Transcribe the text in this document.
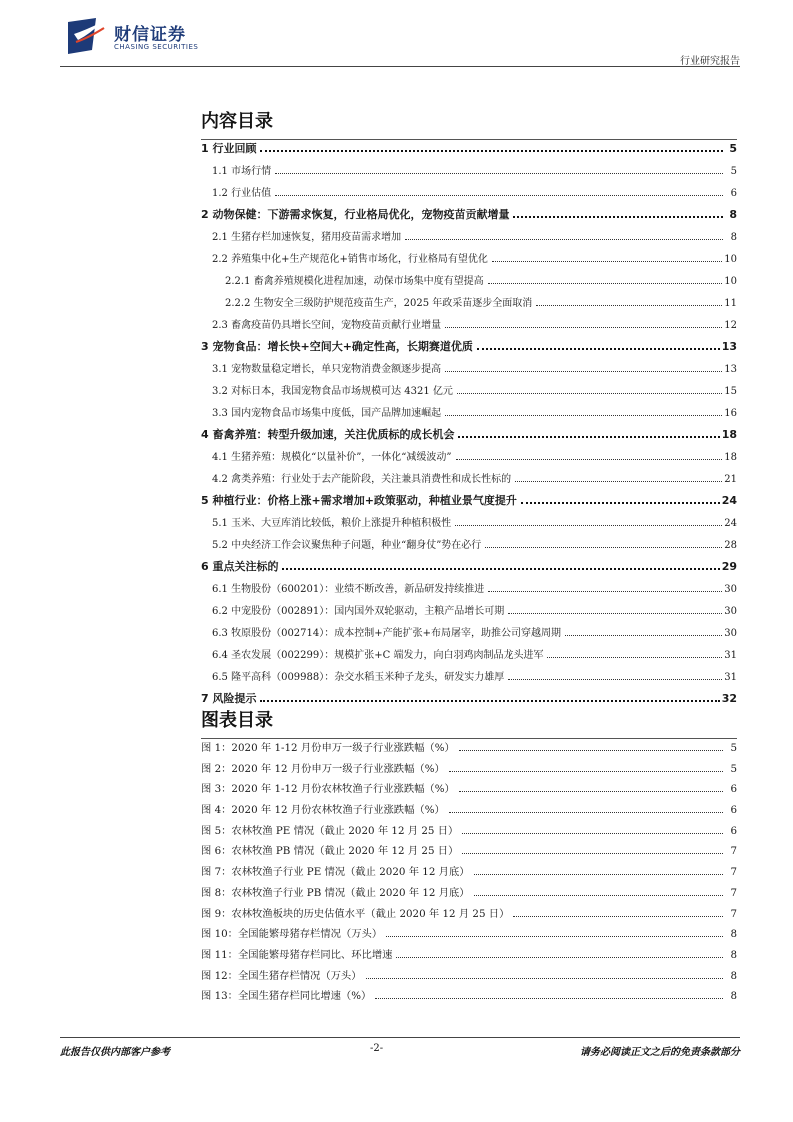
财信证券
CHASING SECURITIES
行业研究报告
内容目录
1 行业回顾	5
1.1 市场行情	5
1.2 行业估值	6
2 动物保健：下游需求恢复，行业格局优化，宠物疫苗贡献增量	8
2.1 生猪存栏加速恢复，猪用疫苗需求增加	8
2.2 养殖集中化+生产规范化+销售市场化，行业格局有望优化	10
2.2.1 畜禽养殖规模化进程加速，动保市场集中度有望提高	10
2.2.2 生物安全三级防护规范疫苗生产，2025 年政采苗逐步全面取消	11
2.3 畜禽疫苗仍具增长空间，宠物疫苗贡献行业增量	12
3 宠物食品：增长快+空间大+确定性高，长期赛道优质	13
3.1 宠物数量稳定增长，单只宠物消费金额逐步提高	13
3.2 对标日本，我国宠物食品市场规模可达 4321 亿元	15
3.3 国内宠物食品市场集中度低，国产品牌加速崛起	16
4 畜禽养殖：转型升级加速，关注优质标的成长机会	18
4.1 生猪养殖：规模化“以量补价”，一体化“减缓波动”	18
4.2 禽类养殖：行业处于去产能阶段，关注兼具消费性和成长性标的	21
5 种植行业：价格上涨+需求增加+政策驱动，种植业景气度提升	24
5.1 玉米、大豆库消比较低，粮价上涨提升种植积极性	24
5.2 中央经济工作会议聚焦种子问题，种业“翻身仗”势在必行	28
6 重点关注标的	29
6.1 生物股份（600201）：业绩不断改善，新品研发持续推进	30
6.2 中宠股份（002891）：国内国外双轮驱动，主粮产品增长可期	30
6.3 牧原股份（002714）：成本控制+产能扩张+布局屠宰，助推公司穿越周期	30
6.4 圣农发展（002299）：规模扩张+C 端发力，向白羽鸡肉制品龙头进军	31
6.5 隆平高科（009988）：杂交水稻玉米种子龙头，研发实力雄厚	31
7 风险提示	32
图表目录
图 1：2020 年 1-12 月份申万一级子行业涨跌幅（%）	5
图 2：2020 年 12 月份申万一级子行业涨跌幅（%）	5
图 3：2020 年 1-12 月份农林牧渔子行业涨跌幅（%）	6
图 4：2020 年 12 月份农林牧渔子行业涨跌幅（%）	6
图 5：农林牧渔 PE 情况（截止 2020 年 12 月 25 日）	6
图 6：农林牧渔 PB 情况（截止 2020 年 12 月 25 日）	7
图 7：农林牧渔子行业 PE 情况（截止 2020 年 12 月底）	7
图 8：农林牧渔子行业 PB 情况（截止 2020 年 12 月底）	7
图 9：农林牧渔板块的历史估值水平（截止 2020 年 12 月 25 日）	7
图 10：全国能繁母猪存栏情况（万头）	8
图 11：全国能繁母猪存栏同比、环比增速	8
图 12：全国生猪存栏情况（万头）	8
图 13：全国生猪存栏同比增速（%）	8
此报告仅供内部客户参考	-2-	请务必阅读正文之后的免责条款部分
